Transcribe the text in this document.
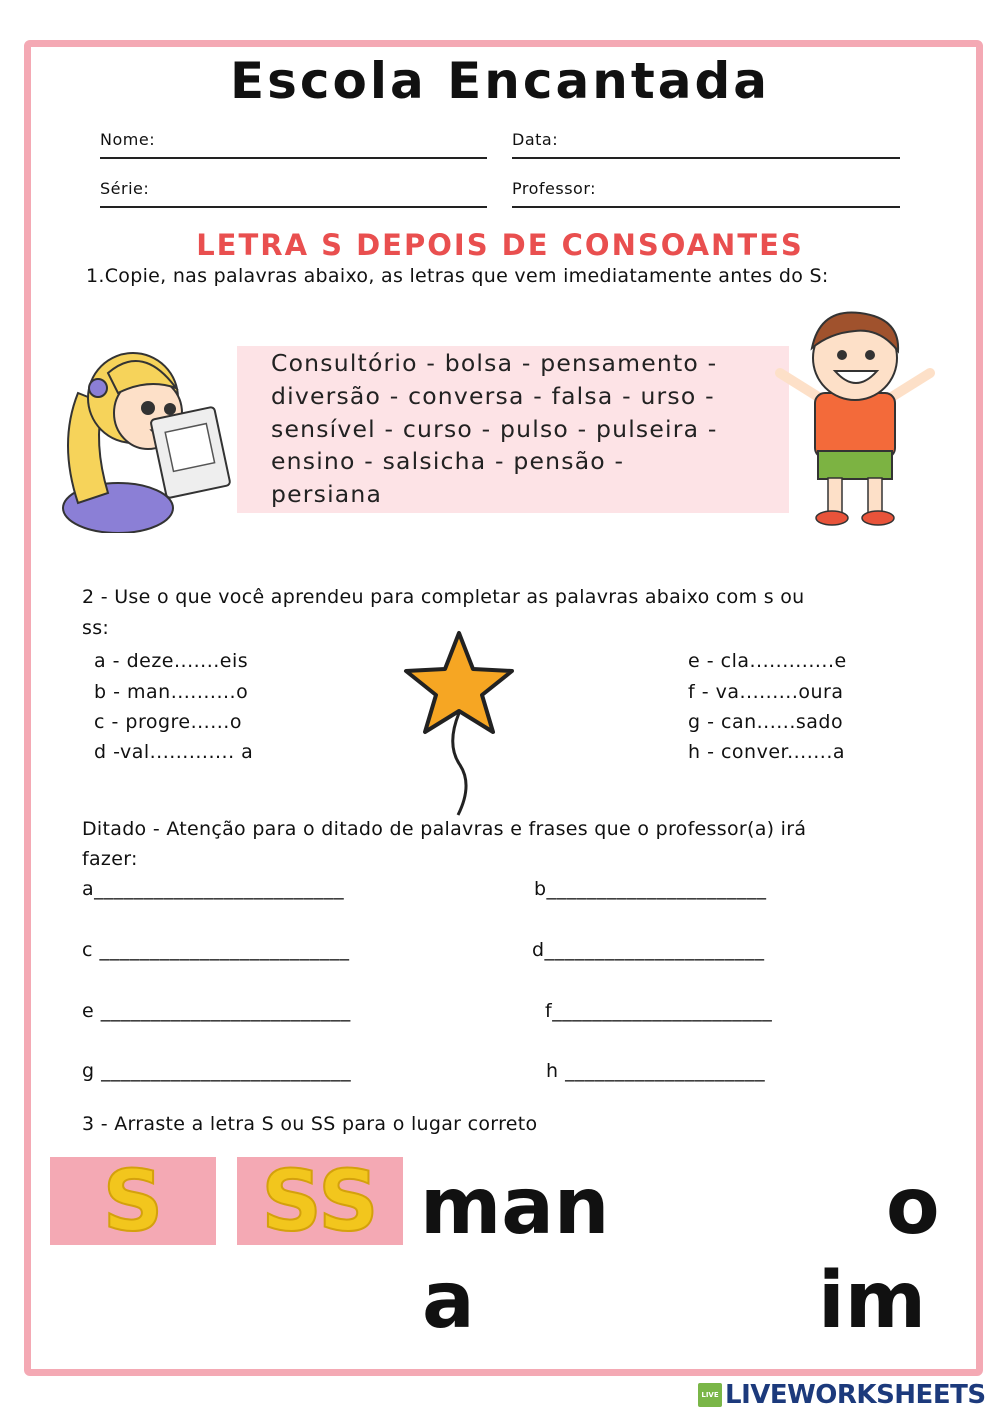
Escola Encantada
Nome:	Data:
Série:	Professor:
LETRA S DEPOIS DE CONSOANTES
1.Copie, nas palavras abaixo, as letras que vem imediatamente antes do S:
Consultório - bolsa - pensamento -
diversão - conversa - falsa - urso -
sensível - curso - pulso - pulseira -
ensino - salsicha - pensão -
persiana
2 - Use o que você aprendeu para completar as palavras abaixo com s ou
ss:
a - deze.......eis
b - man..........o
c - progre......o
d -val............. a
e - cla.............e
f - va.........oura
g - can......sado
h - conver.......a
Ditado - Atenção para o ditado de palavras e frases que o professor(a) irá
fazer:
a_________________________	b______________________
c _________________________	d______________________
e _________________________	f______________________
g _________________________	h ____________________
3 - Arraste a letra S ou SS para o lugar correto
S	SS man	o
a	im
LIVE LIVEWORKSHEETS
